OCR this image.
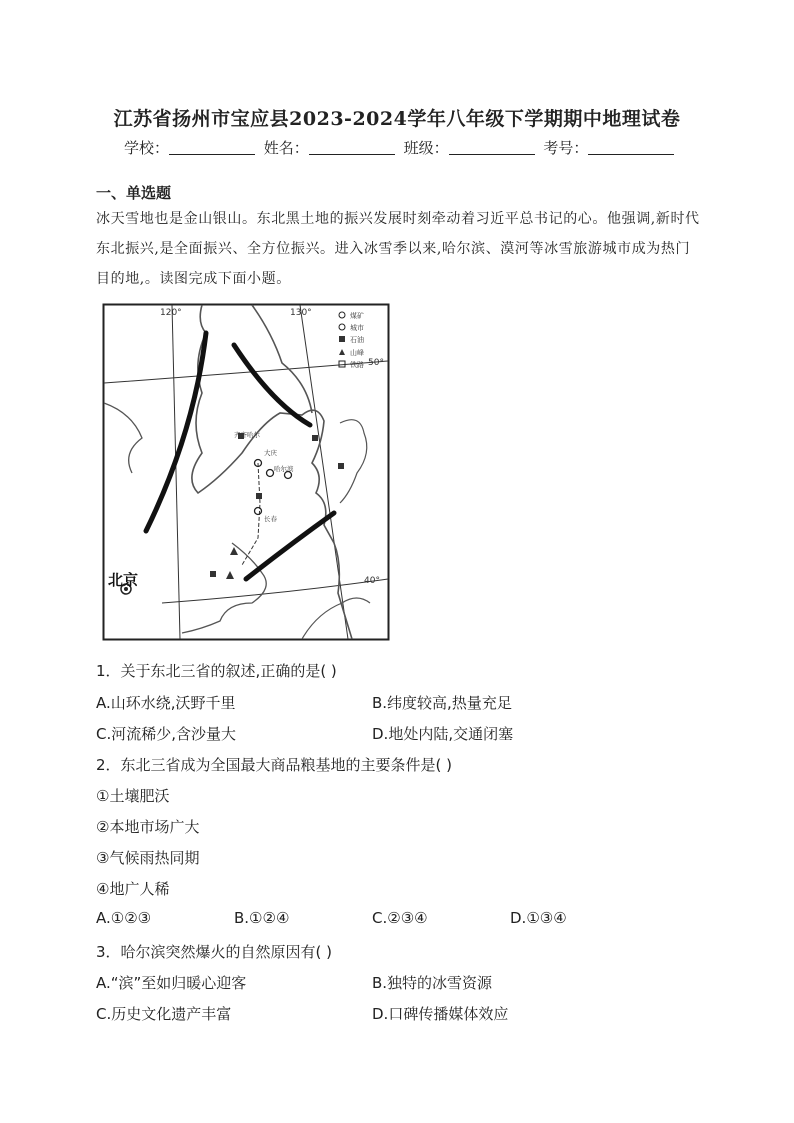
江苏省扬州市宝应县2023-2024学年八年级下学期期中地理试卷
学校：	姓名：	班级：	考号：
一、单选题
冰天雪地也是金山银山。东北黑土地的振兴发展时刻牵动着习近平总书记的心。他强调,新时代东北振兴,是全面振兴、全方位振兴。进入冰雪季以来,哈尔滨、漠河等冰雪旅游城市成为热门目的地,。读图完成下面小题。
煤矿
城市
石油
山峰
铁路
120°	130°
50°
40°
齐齐哈尔
大庆
哈尔滨
长春
北京
1．关于东北三省的叙述,正确的是( )
A.山环水绕,沃野千里	B.纬度较高,热量充足
C.河流稀少,含沙量大	D.地处内陆,交通闭塞
2．东北三省成为全国最大商品粮基地的主要条件是( )
①土壤肥沃
②本地市场广大
③气候雨热同期
④地广人稀
A.①②③	B.①②④	C.②③④	D.①③④
3．哈尔滨突然爆火的自然原因有( )
A.“滨”至如归暖心迎客	B.独特的冰雪资源
C.历史文化遗产丰富	D.口碑传播媒体效应
